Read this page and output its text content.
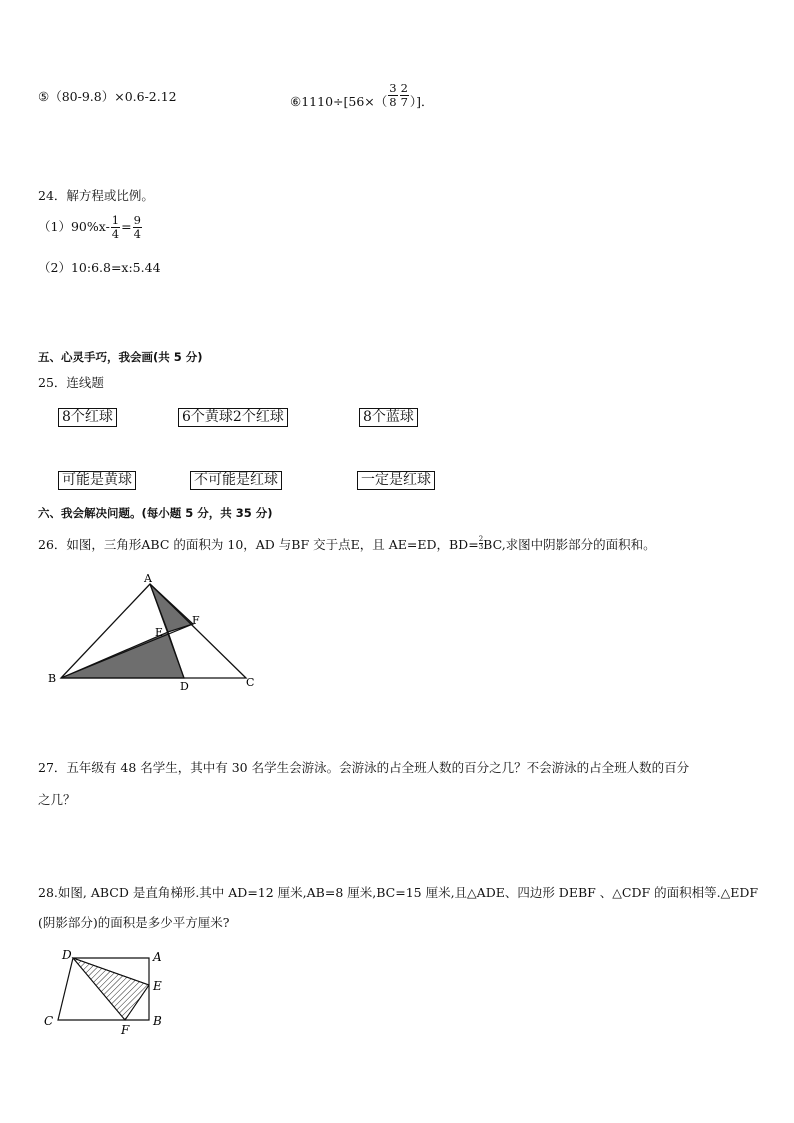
⑤（80-9.8）×0.6-2.12	⑥1110÷[56×（ $\frac{3}{8} \frac{2}{7}$ ）]．
24．解方程或比例。
$(1)90\%x- \frac{1}{4} = \frac{9}{4}$
（2）10:6.8=x:5.44
五、心灵手巧，我会画(共 5 分)
25．连线题
8个红球	6个黄球2个红球	8个蓝球
可能是黄球	不可能是红球	一定是红球
六、我会解决问题。(每小题 5 分，共 35 分)
26．如图，三角形ABC 的面积为 10，AD 与BF 交于点E，且 AE=ED，$BD= \frac{2}{3}$ BC,求图中阴影部分的面积和。
A
B	C
D
E
F
27．五年级有 48 名学生，其中有 30 名学生会游泳。会游泳的占全班人数的百分之几？不会游泳的占全班人数的百分
之几？
28.如图, ABCD 是直角梯形.其中 AD=12 厘米,AB=8 厘米,BC=15 厘米,且△ADE、四边形 DEBF 、△CDF 的面积相等.△EDF
(阴影部分)的面积是多少平方厘米?
D	A
E
C	B
F
